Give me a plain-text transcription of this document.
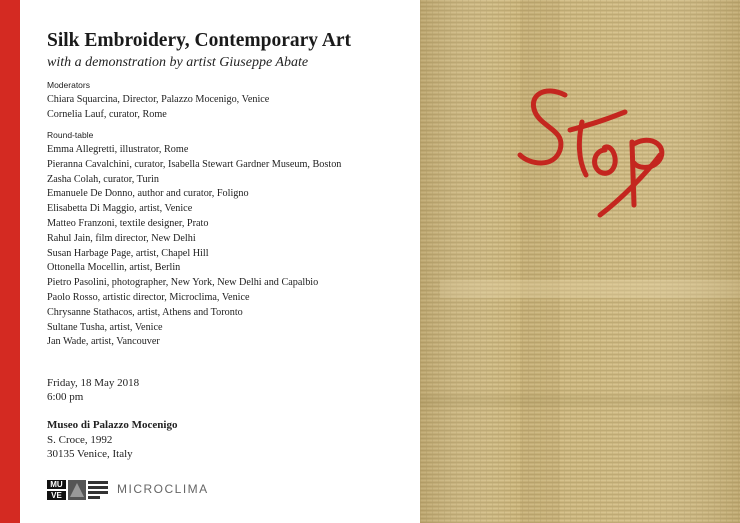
Silk Embroidery, Contemporary Art
with a demonstration by artist Giuseppe Abate
Moderators
Chiara Squarcina, Director, Palazzo Mocenigo, Venice
Cornelia Lauf, curator, Rome
Round-table
Emma Allegretti, illustrator, Rome
Pieranna Cavalchini, curator, Isabella Stewart Gardner Museum, Boston
Zasha Colah, curator, Turin
Emanuele De Donno, author and curator, Foligno
Elisabetta Di Maggio, artist, Venice
Matteo Franzoni, textile designer, Prato
Rahul Jain, film director, New Delhi
Susan Harbage Page, artist, Chapel Hill
Ottonella Mocellin, artist, Berlin
Pietro Pasolini, photographer, New York, New Delhi and Capalbio
Paolo Rosso, artistic director, Microclima, Venice
Chrysanne Stathacos, artist, Athens and Toronto
Sultane Tusha, artist, Venice
Jan Wade, artist, Vancouver
Friday, 18 May 2018
6:00 pm
Museo di Palazzo Mocenigo
S. Croce, 1992
30135 Venice, Italy
MU
VE	MICROCLIMA
